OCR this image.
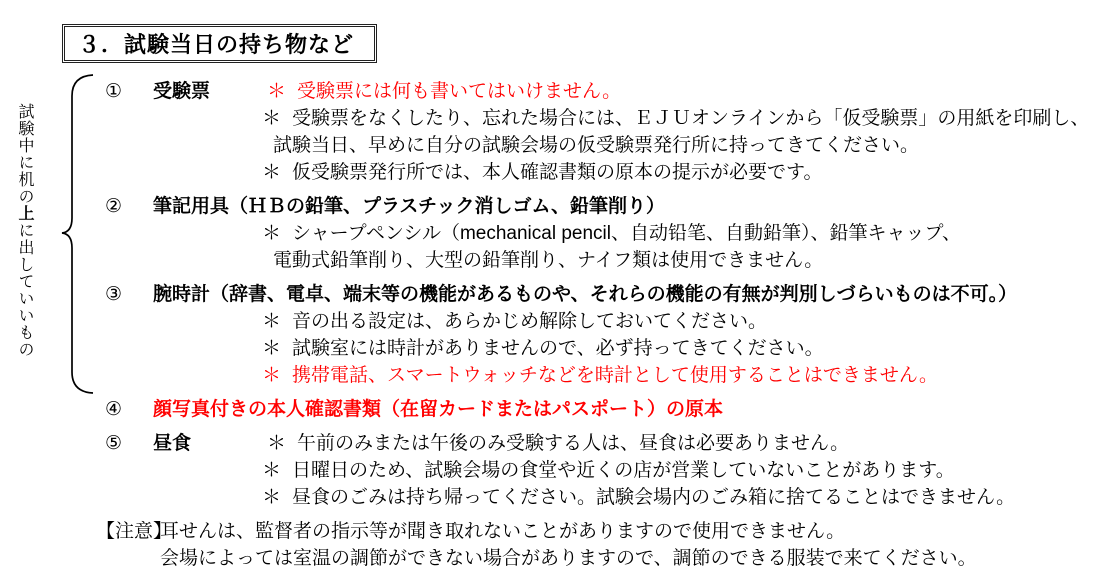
３．試験当日の持ち物など
試験中に机の上に出していいもの
①	受験票	＊ 受験票には何も書いてはいけません。
＊ 受験票をなくしたり、忘れた場合には、ＥＪＵオンラインから「仮受験票」の用紙を印刷し、
試験当日、早めに自分の試験会場の仮受験票発行所に持ってきてください。
＊ 仮受験票発行所では、本人確認書類の原本の提示が必要です。
②	筆記用具（ＨＢの鉛筆、プラスチック消しゴム、鉛筆削り）
＊ シャープペンシル（mechanical pencil、自动铅笔、自動鉛筆）、鉛筆キャップ、
電動式鉛筆削り、大型の鉛筆削り、ナイフ類は使用できません。
③	腕時計（辞書、電卓、端末等の機能があるものや、それらの機能の有無が判別しづらいものは不可。）
＊ 音の出る設定は、あらかじめ解除しておいてください。
＊ 試験室には時計がありませんので、必ず持ってきてください。
＊ 携帯電話、スマートウォッチなどを時計として使用することはできません。
④	顔写真付きの本人確認書類（在留カードまたはパスポート）の原本
⑤	昼食	＊ 午前のみまたは午後のみ受験する人は、昼食は必要ありません。
＊ 日曜日のため、試験会場の食堂や近くの店が営業していないことがあります。
＊ 昼食のごみは持ち帰ってください。試験会場内のごみ箱に捨てることはできません。
【注意】
耳せんは、監督者の指示等が聞き取れないことがありますので使用できません。
会場によっては室温の調節ができない場合がありますので、調節のできる服装で来てください。
